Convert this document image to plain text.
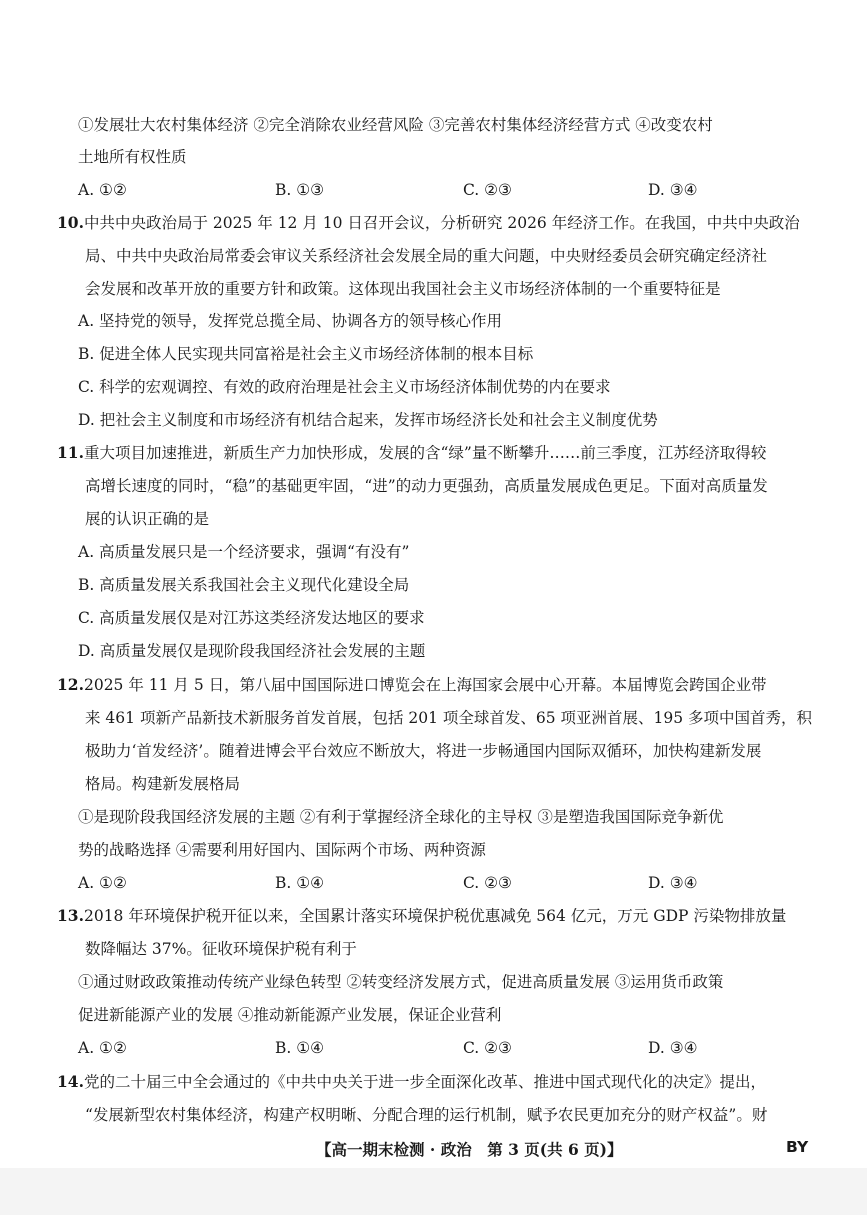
①发展壮大农村集体经济 ②完全消除农业经营风险 ③完善农村集体经济经营方式 ④改变农村
土地所有权性质
A. ①②	B. ①③	C. ②③	D. ③④
10.中共中央政治局于 2025 年 12 月 10 日召开会议，分析研究 2026 年经济工作。在我国，中共中央政治
局、中共中央政治局常委会审议关系经济社会发展全局的重大问题，中央财经委员会研究确定经济社
会发展和改革开放的重要方针和政策。这体现出我国社会主义市场经济体制的一个重要特征是
A. 坚持党的领导，发挥党总揽全局、协调各方的领导核心作用
B. 促进全体人民实现共同富裕是社会主义市场经济体制的根本目标
C. 科学的宏观调控、有效的政府治理是社会主义市场经济体制优势的内在要求
D. 把社会主义制度和市场经济有机结合起来，发挥市场经济长处和社会主义制度优势
11.重大项目加速推进，新质生产力加快形成，发展的含“绿”量不断攀升……前三季度，江苏经济取得较
高增长速度的同时，“稳”的基础更牢固，“进”的动力更强劲，高质量发展成色更足。下面对高质量发
展的认识正确的是
A. 高质量发展只是一个经济要求，强调“有没有”
B. 高质量发展关系我国社会主义现代化建设全局
C. 高质量发展仅是对江苏这类经济发达地区的要求
D. 高质量发展仅是现阶段我国经济社会发展的主题
12.2025 年 11 月 5 日，第八届中国国际进口博览会在上海国家会展中心开幕。本届博览会跨国企业带
来 461 项新产品新技术新服务首发首展，包括 201 项全球首发、65 项亚洲首展、195 多项中国首秀，积
极助力‘首发经济’。随着进博会平台效应不断放大，将进一步畅通国内国际双循环，加快构建新发展
格局。构建新发展格局
①是现阶段我国经济发展的主题 ②有利于掌握经济全球化的主导权 ③是塑造我国国际竞争新优
势的战略选择 ④需要利用好国内、国际两个市场、两种资源
A. ①②	B. ①④	C. ②③	D. ③④
13.2018 年环境保护税开征以来，全国累计落实环境保护税优惠减免 564 亿元，万元 GDP 污染物排放量
数降幅达 37%。征收环境保护税有利于
①通过财政政策推动传统产业绿色转型 ②转变经济发展方式，促进高质量发展 ③运用货币政策
促进新能源产业的发展 ④推动新能源产业发展，保证企业营利
A. ①②	B. ①④	C. ②③	D. ③④
14.党的二十届三中全会通过的《中共中央关于进一步全面深化改革、推进中国式现代化的决定》提出，
“发展新型农村集体经济，构建产权明晰、分配合理的运行机制，赋予农民更加充分的财产权益”。财
【高一期末检测 · 政治　第 3 页(共 6 页)】	BY
